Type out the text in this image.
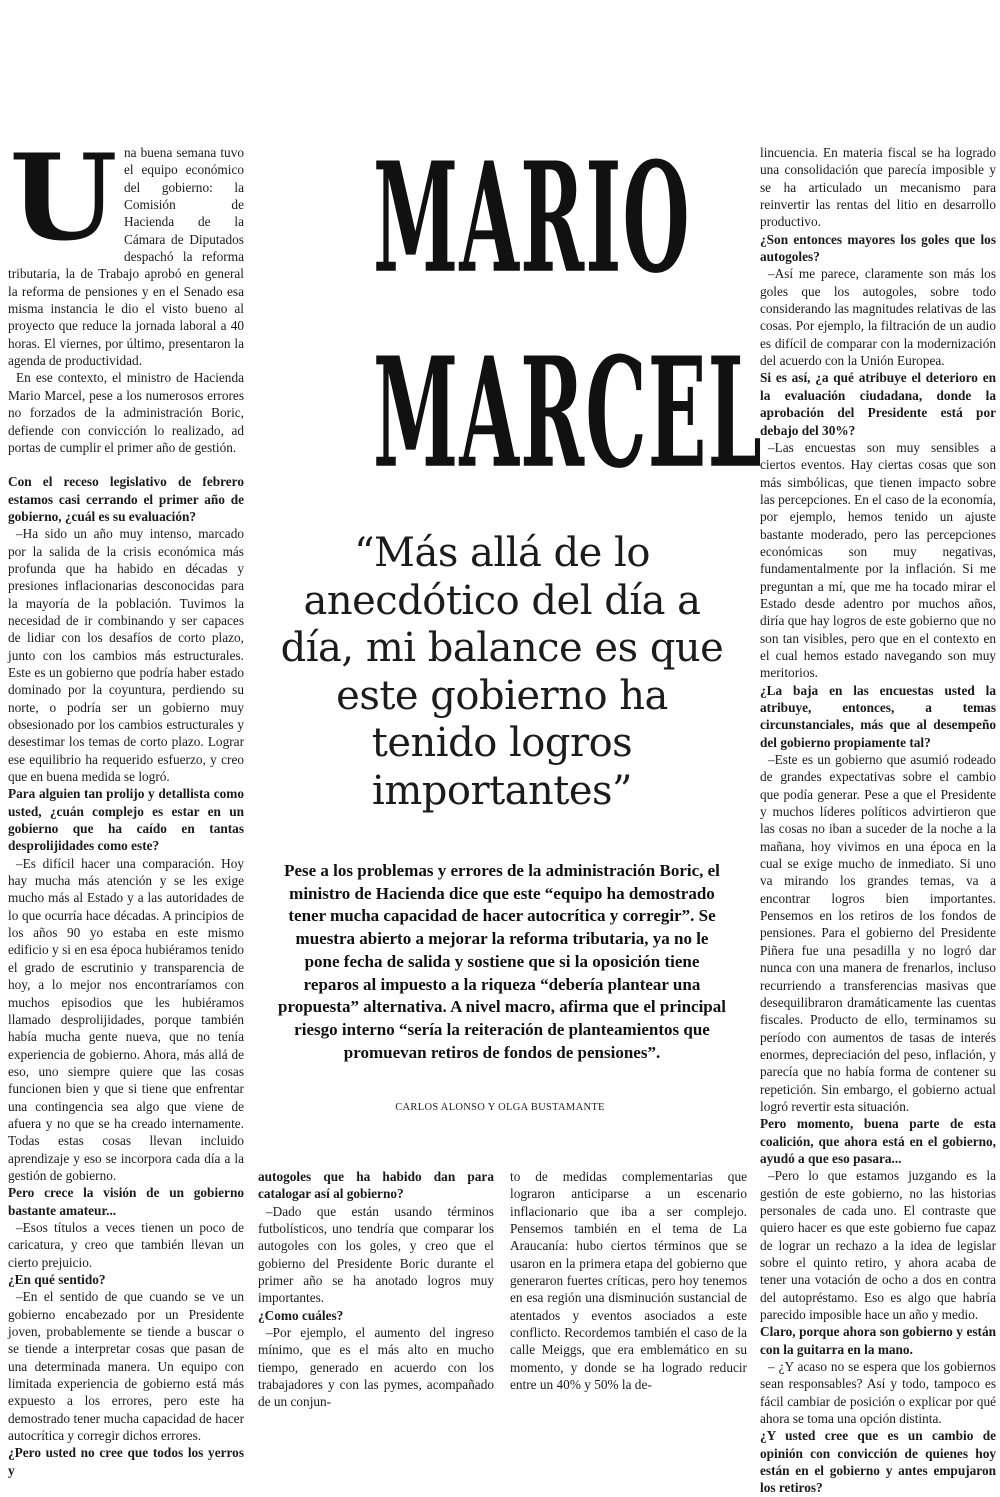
U na buena semana tuvo el equipo económico del gobierno: la Comisión de Hacienda de la Cámara de Diputados despachó la reforma tributaria, la de Trabajo aprobó en general la reforma de pensiones y en el Senado esa misma instancia le dio el visto bueno al proyecto que reduce la jornada laboral a 40 horas. El viernes, por último, presentaron la agenda de productividad.

En ese contexto, el ministro de Hacienda Mario Marcel, pese a los numerosos errores no forzados de la administración Boric, defiende con convicción lo realizado, ad portas de cumplir el primer año de gestión.

Con el receso legislativo de febrero estamos casi cerrando el primer año de gobierno, ¿cuál es su evaluación?

–Ha sido un año muy intenso, marcado por la salida de la crisis económica más profunda que ha habido en décadas y presiones inflacionarias desconocidas para la mayoría de la población. Tuvimos la necesidad de ir combinando y ser capaces de lidiar con los desafíos de corto plazo, junto con los cambios más estructurales. Este es un gobierno que podría haber estado dominado por la coyuntura, perdiendo su norte, o podría ser un gobierno muy obsesionado por los cambios estructurales y desestimar los temas de corto plazo. Lograr ese equilibrio ha requerido esfuerzo, y creo que en buena medida se logró.

Para alguien tan prolijo y detallista como usted, ¿cuán complejo es estar en un gobierno que ha caído en tantas desprolijidades como este?

–Es difícil hacer una comparación. Hoy hay mucha más atención y se les exige mucho más al Estado y a las autoridades de lo que ocurría hace décadas. A principios de los años 90 yo estaba en este mismo edificio y si en esa época hubiéramos tenido el grado de escrutinio y transparencia de hoy, a lo mejor nos encontraríamos con muchos episodios que les hubiéramos llamado desprolijidades, porque también había mucha gente nueva, que no tenía experiencia de gobierno. Ahora, más allá de eso, uno siempre quiere que las cosas funcionen bien y que si tiene que enfrentar una contingencia sea algo que viene de afuera y no que se ha creado internamente. Todas estas cosas llevan incluido aprendizaje y eso se incorpora cada día a la gestión de gobierno.

Pero crece la visión de un gobierno bastante amateur...

–Esos títulos a veces tienen un poco de caricatura, y creo que también llevan un cierto prejuicio.

¿En qué sentido?

–En el sentido de que cuando se ve un gobierno encabezado por un Presidente joven, probablemente se tiende a buscar o se tiende a interpretar cosas que pasan de una determinada manera. Un equipo con limitada experiencia de gobierno está más expuesto a los errores, pero este ha demostrado tener mucha capacidad de hacer autocrítica y corregir dichos errores.

¿Pero usted no cree que todos los yerros y

MARIO
MARCEL
“Más allá de lo anecdótico del día a día, mi balance es que este gobierno ha tenido logros importantes”
Pese a los problemas y errores de la administración Boric, el ministro de Hacienda dice que este “equipo ha demostrado tener mucha capacidad de hacer autocrítica y corregir”. Se muestra abierto a mejorar la reforma tributaria, ya no le pone fecha de salida y sostiene que si la oposición tiene reparos al impuesto a la riqueza “debería plantear una propuesta” alternativa. A nivel macro, afirma que el principal riesgo interno “sería la reiteración de planteamientos que promuevan retiros de fondos de pensiones”.
CARLOS ALONSO Y OLGA BUSTAMANTE

autogoles que ha habido dan para catalogar así al gobierno?

–Dado que están usando términos futbolísticos, uno tendría que comparar los autogoles con los goles, y creo que el gobierno del Presidente Boric durante el primer año se ha anotado logros muy importantes.

¿Como cuáles?

–Por ejemplo, el aumento del ingreso mínimo, que es el más alto en mucho tiempo, generado en acuerdo con los trabajadores y con las pymes, acompañado de un conjun-

to de medidas complementarias que lograron anticiparse a un escenario inflacionario que iba a ser complejo. Pensemos también en el tema de La Araucanía: hubo ciertos términos que se usaron en la primera etapa del gobierno que generaron fuertes críticas, pero hoy tenemos en esa región una disminución sustancial de atentados y eventos asociados a este conflicto. Recordemos también el caso de la calle Meiggs, que era emblemático en su momento, y donde se ha logrado reducir entre un 40% y 50% la de-

lincuencia. En materia fiscal se ha logrado una consolidación que parecía imposible y se ha articulado un mecanismo para reinvertir las rentas del litio en desarrollo productivo.

¿Son entonces mayores los goles que los autogoles?

–Así me parece, claramente son más los goles que los autogoles, sobre todo considerando las magnitudes relativas de las cosas. Por ejemplo, la filtración de un audio es difícil de comparar con la modernización del acuerdo con la Unión Europea.

Si es así, ¿a qué atribuye el deterioro en la evaluación ciudadana, donde la aprobación del Presidente está por debajo del 30%?

–Las encuestas son muy sensibles a ciertos eventos. Hay ciertas cosas que son más simbólicas, que tienen impacto sobre las percepciones. En el caso de la economía, por ejemplo, hemos tenido un ajuste bastante moderado, pero las percepciones económicas son muy negativas, fundamentalmente por la inflación. Si me preguntan a mí, que me ha tocado mirar el Estado desde adentro por muchos años, diría que hay logros de este gobierno que no son tan visibles, pero que en el contexto en el cual hemos estado navegando son muy meritorios.

¿La baja en las encuestas usted la atribuye, entonces, a temas circunstanciales, más que al desempeño del gobierno propiamente tal?

–Este es un gobierno que asumió rodeado de grandes expectativas sobre el cambio que podía generar. Pese a que el Presidente y muchos líderes políticos advirtieron que las cosas no iban a suceder de la noche a la mañana, hoy vivimos en una época en la cual se exige mucho de inmediato. Si uno va mirando los grandes temas, va a encontrar logros bien importantes. Pensemos en los retiros de los fondos de pensiones. Para el gobierno del Presidente Piñera fue una pesadilla y no logró dar nunca con una manera de frenarlos, incluso recurriendo a transferencias masivas que desequilibraron dramáticamente las cuentas fiscales. Producto de ello, terminamos su período con aumentos de tasas de interés enormes, depreciación del peso, inflación, y parecía que no había forma de contener su repetición. Sin embargo, el gobierno actual logró revertir esta situación.

Pero momento, buena parte de esta coalición, que ahora está en el gobierno, ayudó a que eso pasara...

–Pero lo que estamos juzgando es la gestión de este gobierno, no las historias personales de cada uno. El contraste que quiero hacer es que este gobierno fue capaz de lograr un rechazo a la idea de legislar sobre el quinto retiro, y ahora acaba de tener una votación de ocho a dos en contra del autopréstamo. Eso es algo que habría parecido imposible hace un año y medio.

Claro, porque ahora son gobierno y están con la guitarra en la mano.

– ¿Y acaso no se espera que los gobiernos sean responsables? Así y todo, tampoco es fácil cambiar de posición o explicar por qué ahora se toma una opción distinta.

¿Y usted cree que es un cambio de opinión con convicción de quienes hoy están en el gobierno y antes empujaron los retiros?
